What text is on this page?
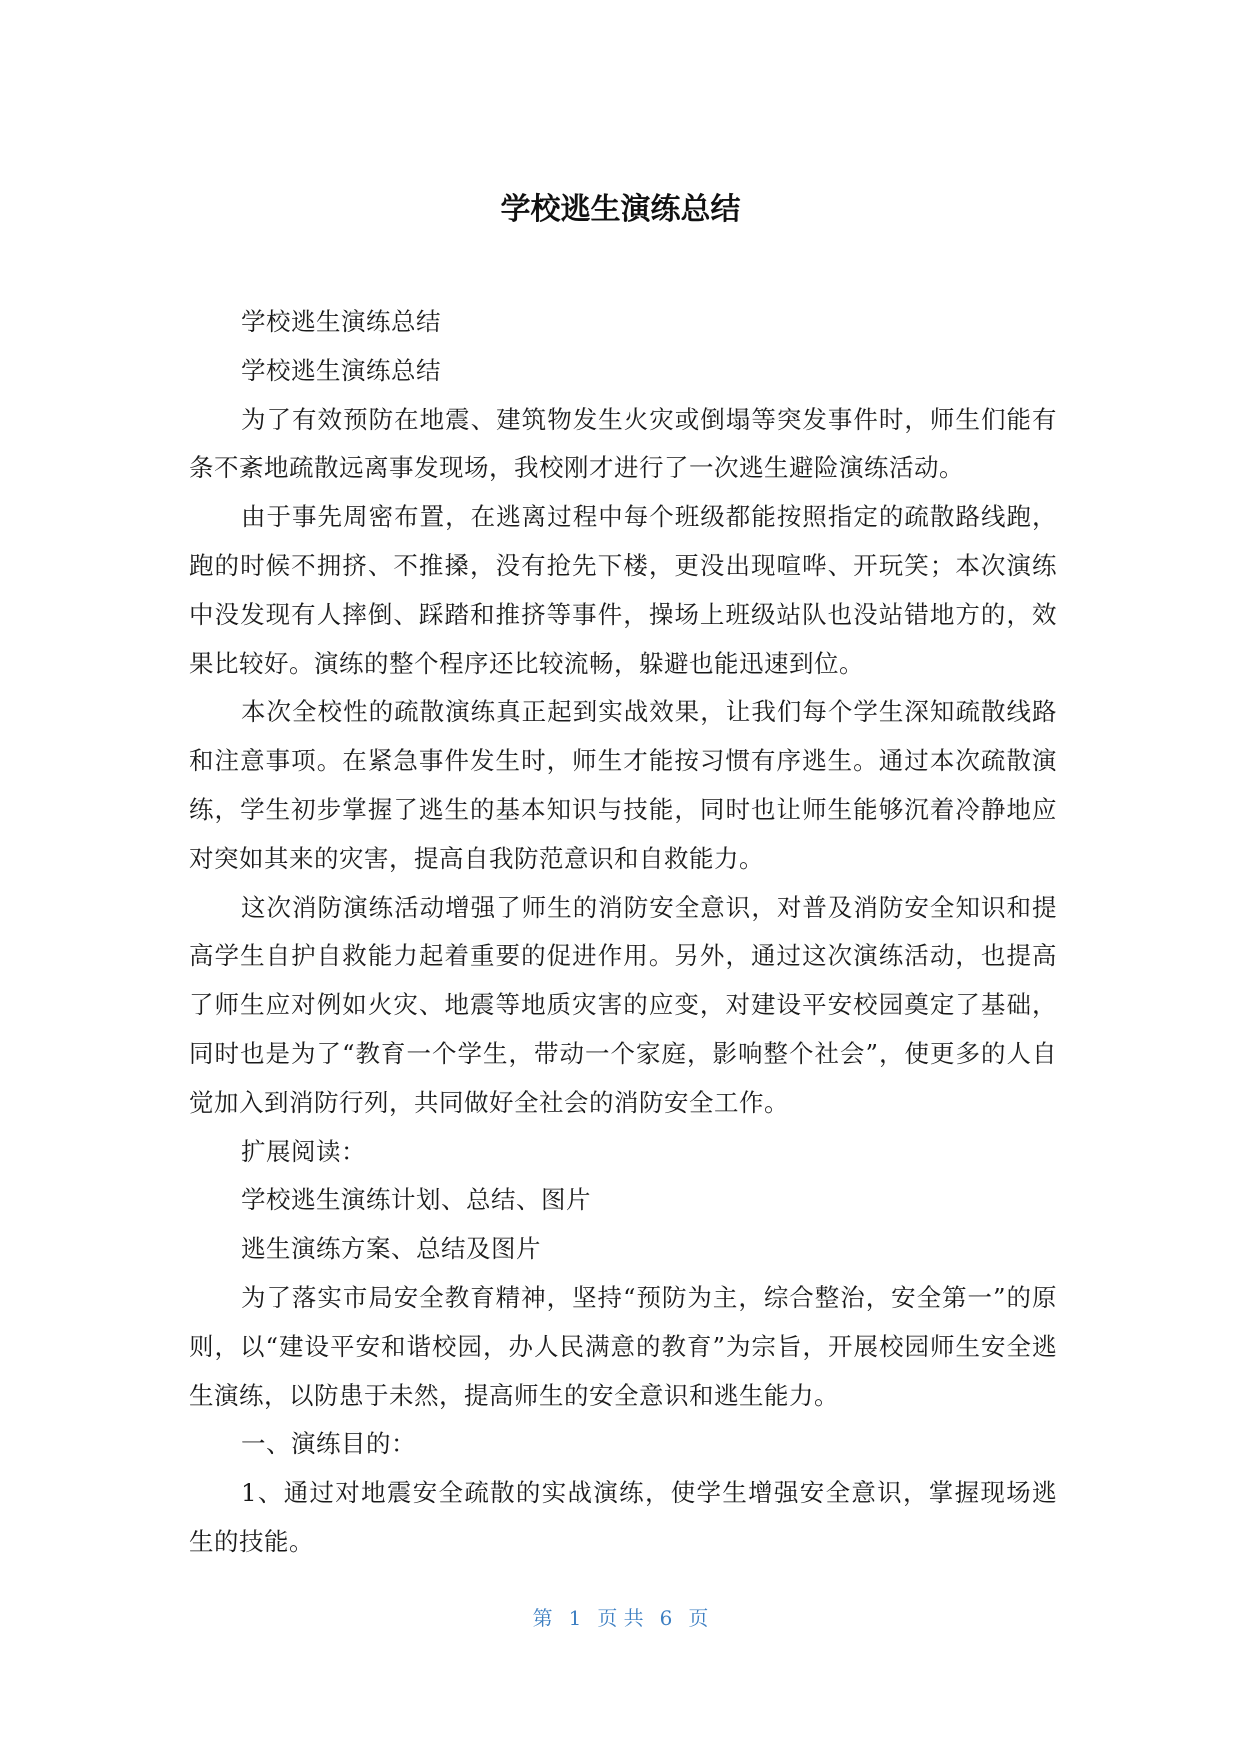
学校逃生演练总结

学校逃生演练总结

学校逃生演练总结

为了有效预防在地震、建筑物发生火灾或倒塌等突发事件时，师生们能有条不紊地疏散远离事发现场，我校刚才进行了一次逃生避险演练活动。

由于事先周密布置，在逃离过程中每个班级都能按照指定的疏散路线跑，跑的时候不拥挤、不推搡，没有抢先下楼，更没出现喧哗、开玩笑；本次演练中没发现有人摔倒、踩踏和推挤等事件，操场上班级站队也没站错地方的，效果比较好。演练的整个程序还比较流畅，躲避也能迅速到位。

本次全校性的疏散演练真正起到实战效果，让我们每个学生深知疏散线路和注意事项。在紧急事件发生时，师生才能按习惯有序逃生。通过本次疏散演练，学生初步掌握了逃生的基本知识与技能，同时也让师生能够沉着冷静地应对突如其来的灾害，提高自我防范意识和自救能力。

这次消防演练活动增强了师生的消防安全意识，对普及消防安全知识和提高学生自护自救能力起着重要的促进作用。另外，通过这次演练活动，也提高了师生应对例如火灾、地震等地质灾害的应变，对建设平安校园奠定了基础，同时也是为了“教育一个学生，带动一个家庭，影响整个社会”，使更多的人自觉加入到消防行列，共同做好全社会的消防安全工作。

扩展阅读：

学校逃生演练计划、总结、图片

逃生演练方案、总结及图片

为了落实市局安全教育精神，坚持“预防为主，综合整治，安全第一”的原则，以“建设平安和谐校园，办人民满意的教育”为宗旨，开展校园师生安全逃生演练，以防患于未然，提高师生的安全意识和逃生能力。

一、演练目的：

1、通过对地震安全疏散的实战演练，使学生增强安全意识，掌握现场逃生的技能。

第 1 页 共 6 页
